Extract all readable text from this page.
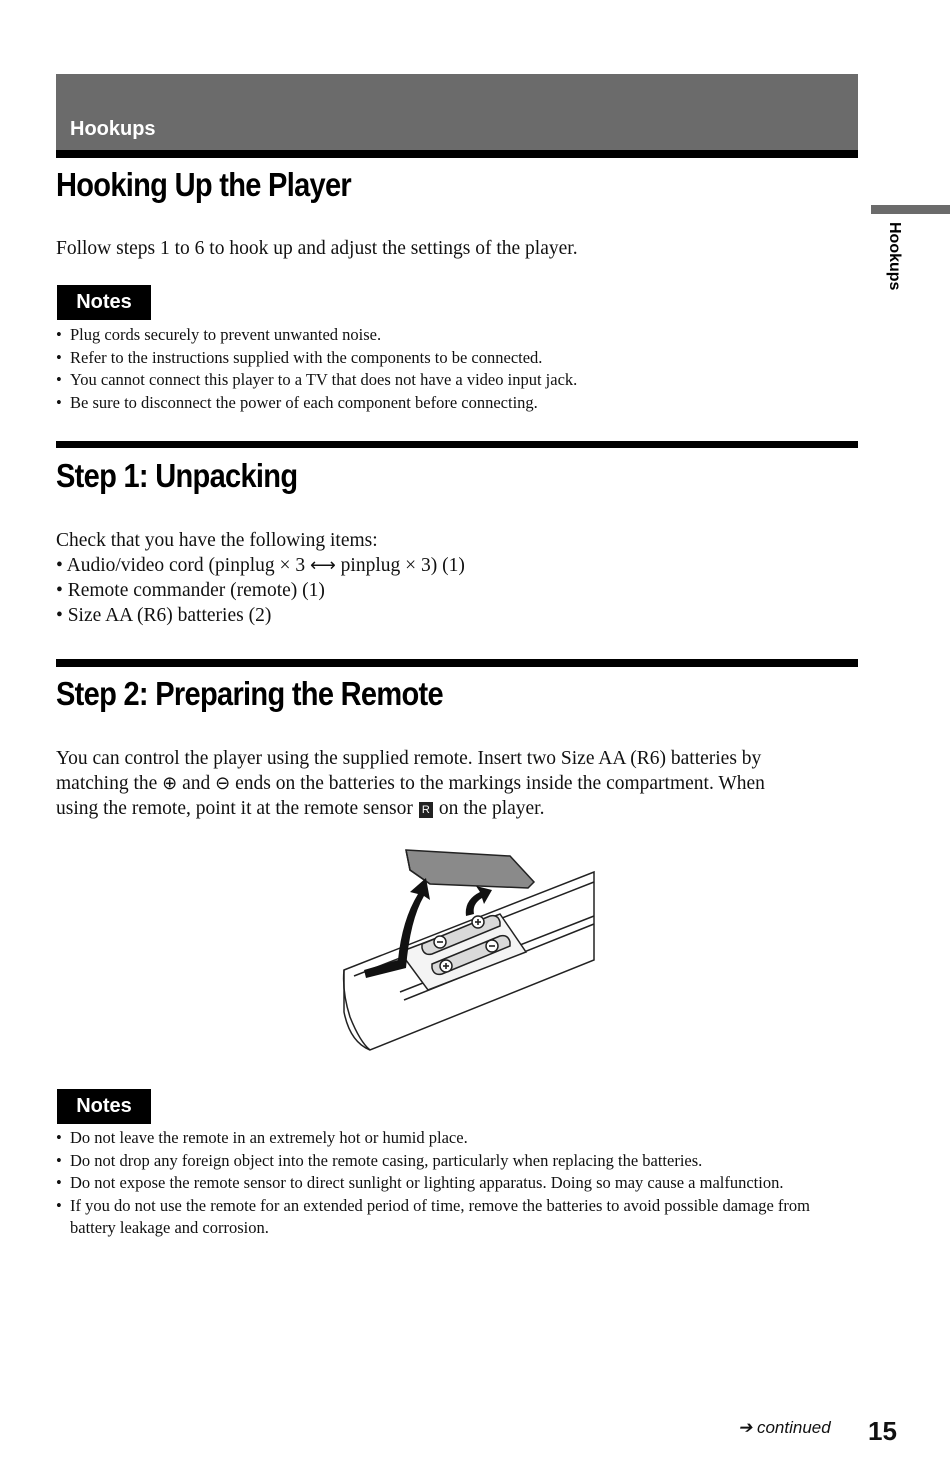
Hookups
Hookups
Hooking Up the Player

Follow steps 1 to 6 to hook up and adjust the settings of the player.

Notes
• Plug cords securely to prevent unwanted noise.
• Refer to the instructions supplied with the components to be connected.
• You cannot connect this player to a TV that does not have a video input jack.
• Be sure to disconnect the power of each component before connecting.
Step 1: Unpacking

Check that you have the following items:

• Audio/video cord (pinplug × 3 ⟷ pinplug × 3) (1)
• Remote commander (remote) (1)
• Size AA (R6) batteries (2)
Step 2: Preparing the Remote
You can control the player using the supplied remote. Insert two Size AA (R6) batteries by
matching the ⊕ and ⊖ ends on the batteries to the markings inside the compartment. When
using the remote, point it at the remote sensor R on the player.
Notes
• Do not leave the remote in an extremely hot or humid place.
• Do not drop any foreign object into the remote casing, particularly when replacing the batteries.
• Do not expose the remote sensor to direct sunlight or lighting apparatus. Doing so may cause a malfunction.
• If you do not use the remote for an extended period of time, remove the batteries to avoid possible damage from battery leakage and corrosion.
➔ continued 15
